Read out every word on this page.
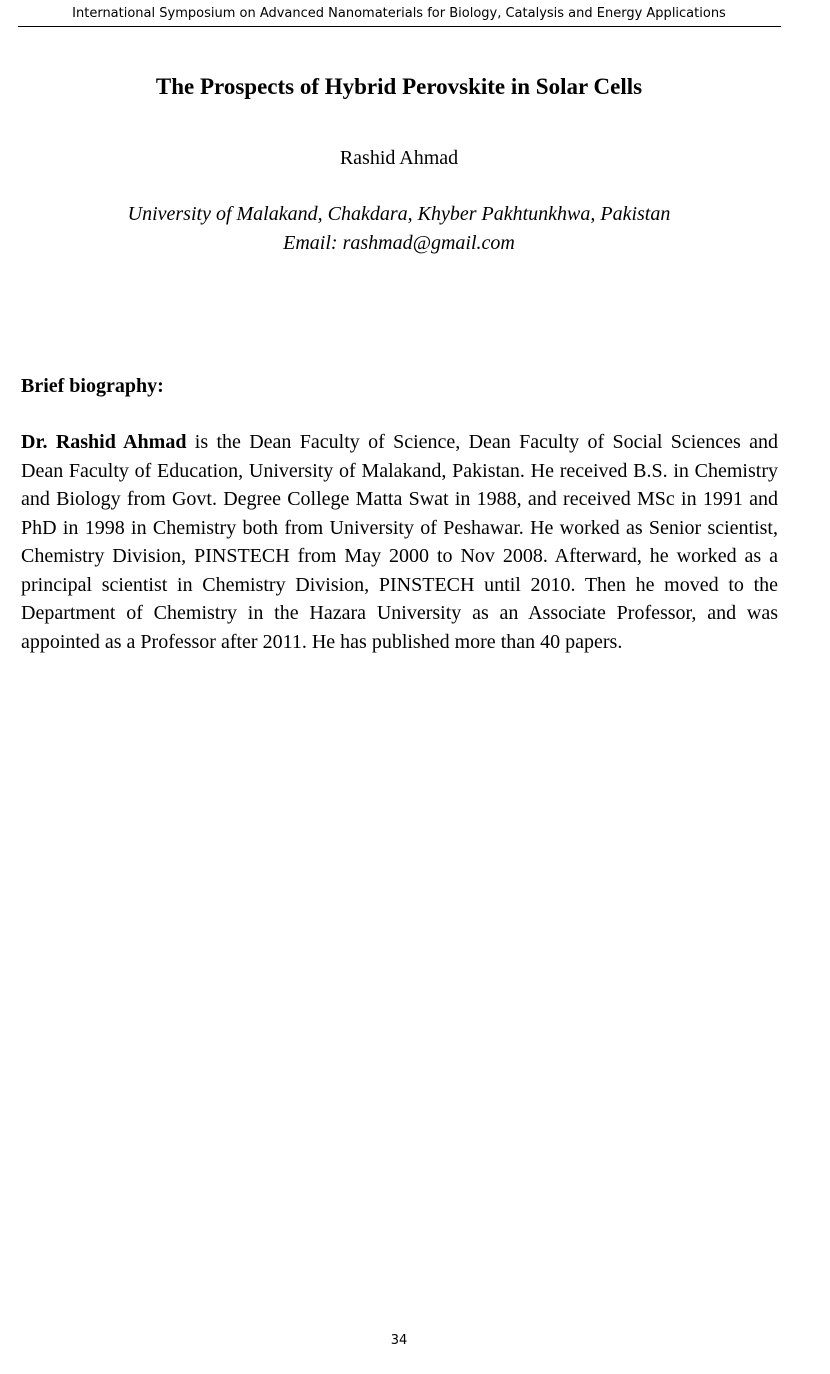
International Symposium on Advanced Nanomaterials for Biology, Catalysis and Energy Applications
The Prospects of Hybrid Perovskite in Solar Cells
Rashid Ahmad
University of Malakand, Chakdara, Khyber Pakhtunkhwa, Pakistan
Email: rashmad@gmail.com
Brief biography:

Dr. Rashid Ahmad is the Dean Faculty of Science, Dean Faculty of Social Sciences and Dean Faculty of Education, University of Malakand, Pakistan. He received B.S. in Chemistry and Biology from Govt. Degree College Matta Swat in 1988, and received MSc in 1991 and PhD in 1998 in Chemistry both from University of Peshawar. He worked as Senior scientist, Chemistry Division, PINSTECH from May 2000 to Nov 2008. Afterward, he worked as a principal scientist in Chemistry Division, PINSTECH until 2010. Then he moved to the Department of Chemistry in the Hazara University as an Associate Professor, and was appointed as a Professor after 2011. He has published more than 40 papers.

34
